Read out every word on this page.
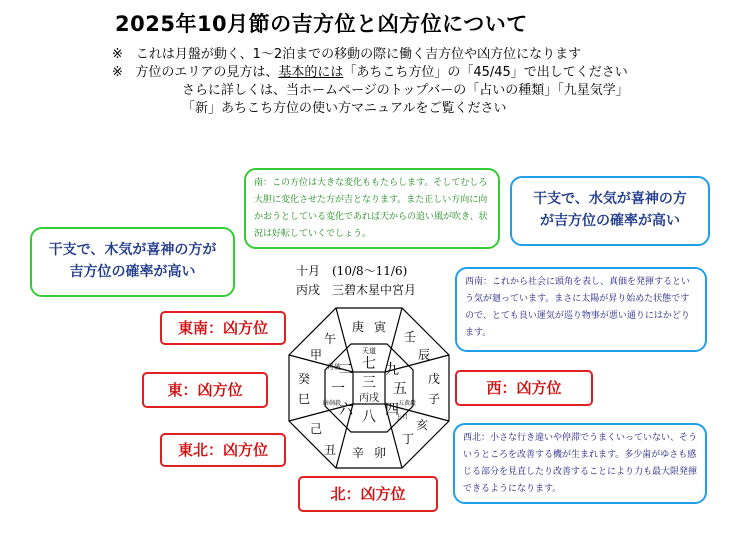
2025年10月節の吉方位と凶方位について
※　これは月盤が動く、1～2泊までの移動の際に働く吉方位や凶方位になります
※ 方位のエリアの見方は、基本的には「あちこち方位」の「45/45」で出してください
さらに詳しくは、当ホームページのトップバーの「占いの種類」「九星気学」
「新」あちこち方位の使い方マニュアルをご覧ください
南：この方位は大きな変化ももたらします。そしてむしろ大胆に変化させた方が吉となります。また正しい方向に向かおうとしている変化であれば天からの追い風が吹き、状況は好転していくでしょう。
干支で、木気が喜神の方が吉方位の確率が高い
干支で、水気が喜神の方が吉方位の確率が高い
西南：これから社会に頭角を表し、真価を発揮するという気が廻っています。まさに太陽が昇り始めた状態ですので、とても良い運気が巡り物事が悪い通りにはかどります。
西北：小さな行き違いや停滞でうまくいっていない、そういうところを改善する機が生まれます。多少歯がゆさも感じる部分を見直したり改善することにより力も最大限発揮できるようになります。
十月　(10/8～11/6)
丙戌　三碧木星中宮月
東南：凶方位
東：凶方位
東北：凶方位
北：凶方位
西：凶方位
三
丙戌
七
二
一
六 八 四
五
九
天道
月破
暗剣殺	五黄殺
上月
庚 寅
壬
辰
戊
子
亥
丁
辛 卯
丑
己
巳
癸
甲
午
